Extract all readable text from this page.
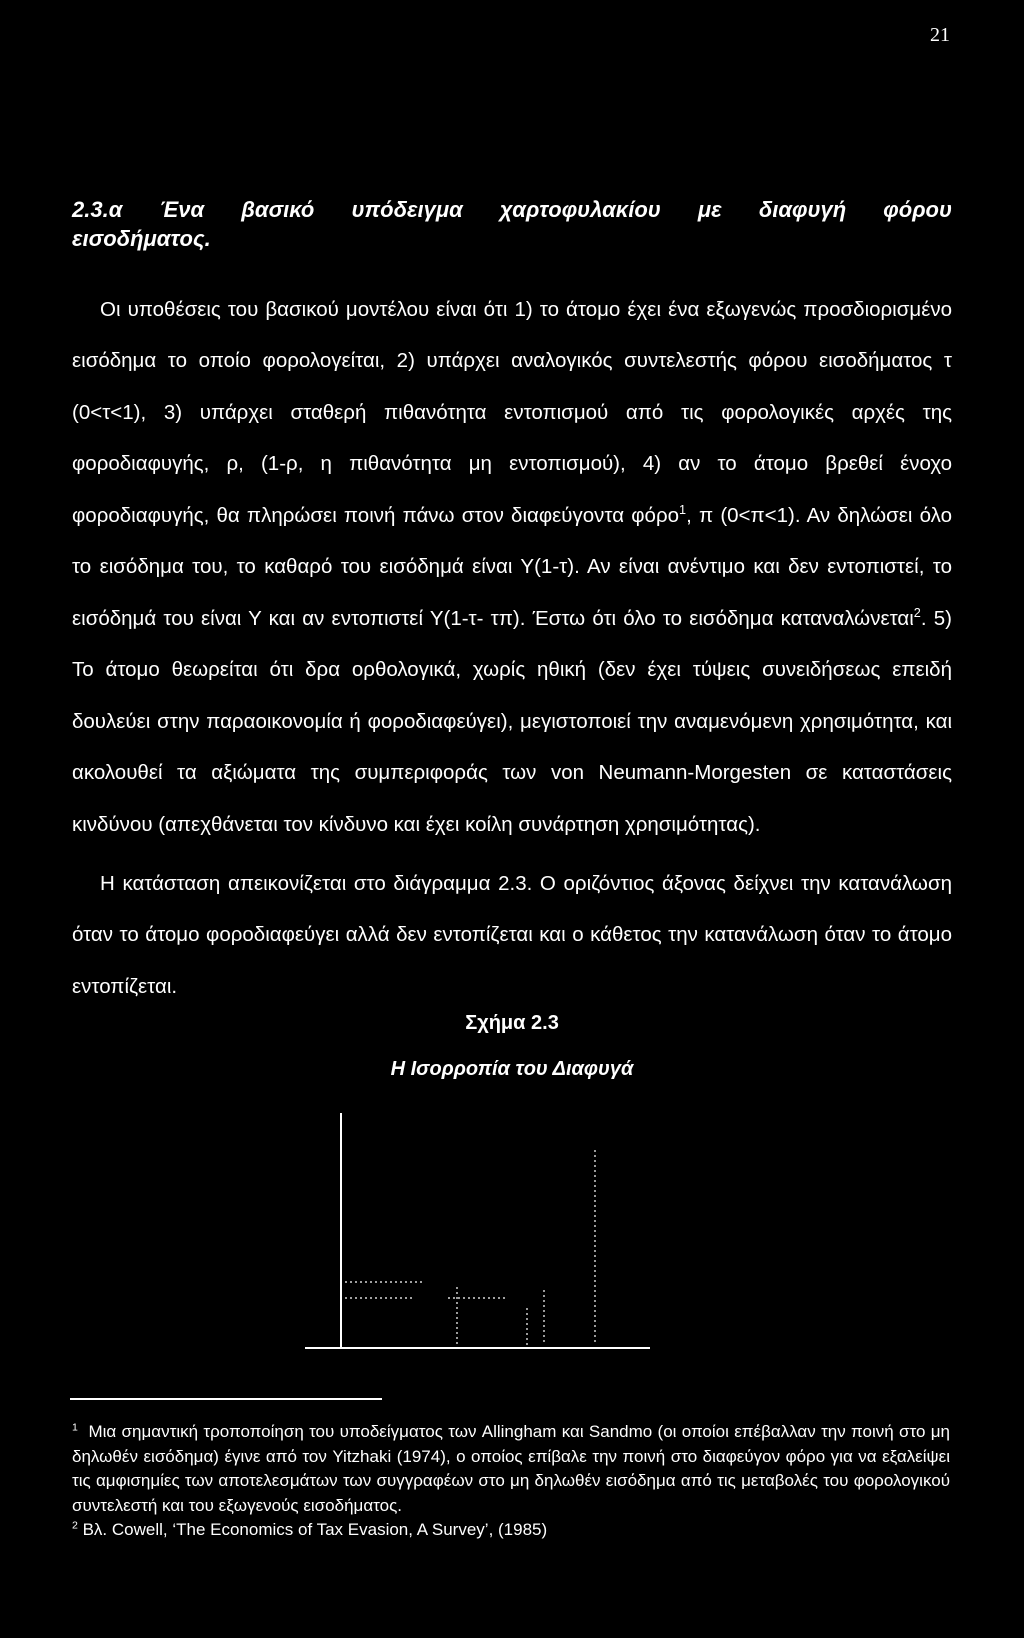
21
2.3.α Ένα βασικό υπόδειγμα χαρτοφυλακίου με διαφυγή φόρου
εισοδήματος.

Οι υποθέσεις του βασικού μοντέλου είναι ότι 1) το άτομο έχει ένα εξωγενώς προσδιορισμένο εισόδημα το οποίο φορολογείται, 2) υπάρχει αναλογικός συντελεστής φόρου εισοδήματος τ (0<τ<1), 3) υπάρχει σταθερή πιθανότητα εντοπισμού από τις φορολογικές αρχές της φοροδιαφυγής, ρ, (1-ρ, η πιθανότητα μη εντοπισμού), 4) αν το άτομο βρεθεί ένοχο φοροδιαφυγής, θα πληρώσει ποινή πάνω στον διαφεύγοντα φόρο$^1$, π (0<π<1). Αν δηλώσει όλο το εισόδημα του, το καθαρό του εισόδημά είναι Υ(1-τ). Αν είναι ανέντιμο και δεν εντοπιστεί, το εισόδημά του είναι Υ και αν εντοπιστεί Υ(1-τ- τπ). Έστω ότι όλο το εισόδημα καταναλώνεται$^2$. 5) Το άτομο θεωρείται ότι δρα ορθολογικά, χωρίς ηθική (δεν έχει τύψεις συνειδήσεως επειδή δουλεύει στην παραοικονομία ή φοροδιαφεύγει), μεγιστοποιεί την αναμενόμενη χρησιμότητα, και ακολουθεί τα αξιώματα της συμπεριφοράς των von Neumann-Morgesten σε καταστάσεις κινδύνου (απεχθάνεται τον κίνδυνο και έχει κοίλη συνάρτηση χρησιμότητας).

Η κατάσταση απεικονίζεται στο διάγραμμα 2.3. Ο οριζόντιος άξονας δείχνει την κατανάλωση όταν το άτομο φοροδιαφεύγει αλλά δεν εντοπίζεται και ο κάθετος την κατανάλωση όταν το άτομο εντοπίζεται.

Σχήμα 2.3
Η Ισορροπία του Διαφυγά

$^1$ Μια σημαντική τροποποίηση του υποδείγματος των Allingham και Sandmo (οι οποίοι επέβαλλαν την ποινή στο μη δηλωθέν εισόδημα) έγινε από τον Yitzhaki (1974), ο οποίος επίβαλε την ποινή στο διαφεύγον φόρο για να εξαλείψει τις αμφισημίες των αποτελεσμάτων των συγγραφέων στο μη δηλωθέν εισόδημα από τις μεταβολές του φορολογικού συντελεστή και του εξωγενούς εισοδήματος.

$^2$ Βλ. Cowell, ‘The Economics of Tax Evasion, A Survey’, (1985)
